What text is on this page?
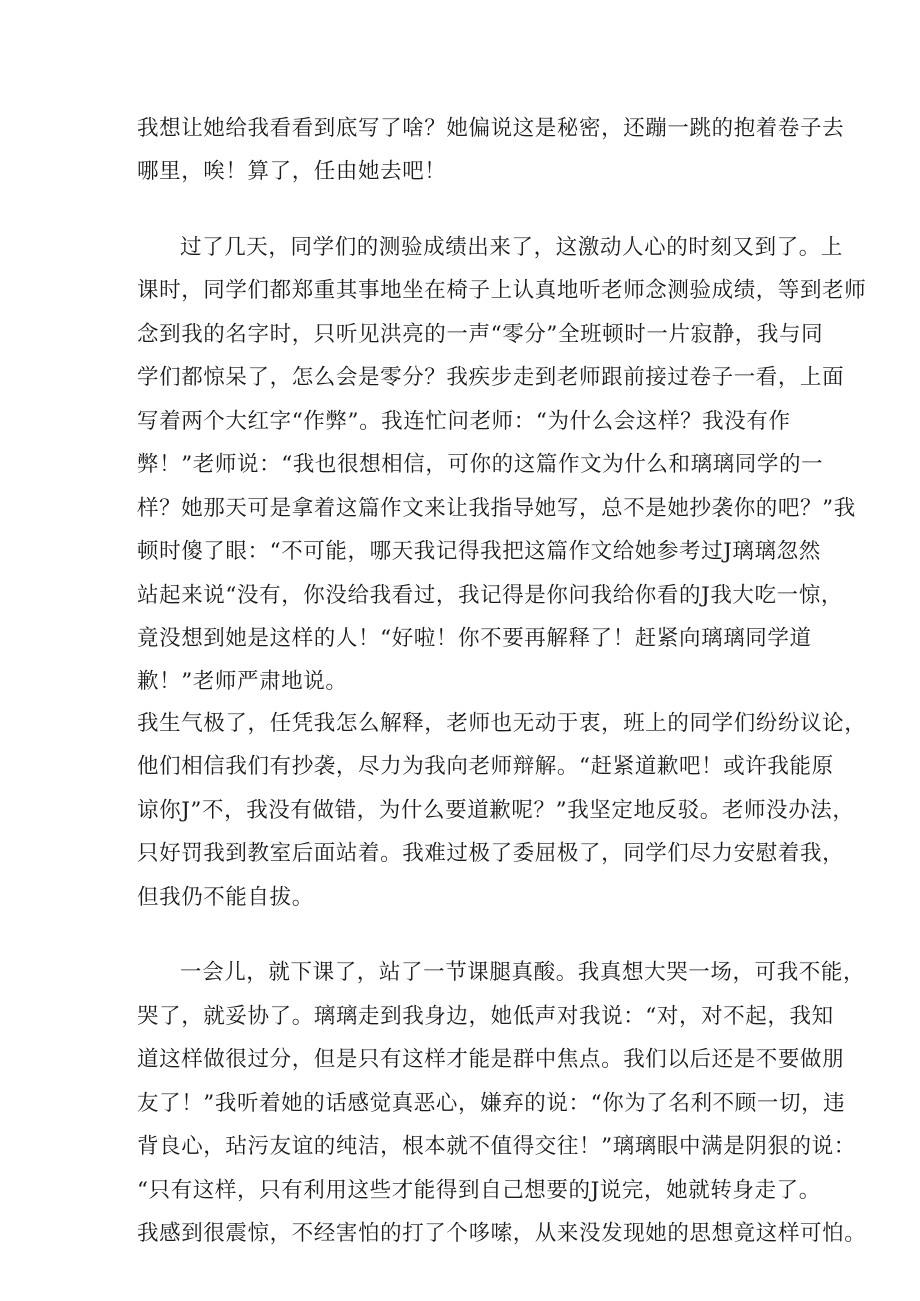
我想让她给我看看到底写了啥？她偏说这是秘密，还蹦一跳的抱着卷子去
哪里，唉！算了，任由她去吧！
过了几天，同学们的测验成绩出来了，这激动人心的时刻又到了。上
课时，同学们都郑重其事地坐在椅子上认真地听老师念测验成绩，等到老师
念到我的名字时，只听见洪亮的一声“零分”全班顿时一片寂静，我与同
学们都惊呆了，怎么会是零分？我疾步走到老师跟前接过卷子一看，上面
写着两个大红字“作弊”。我连忙问老师：“为什么会这样？我没有作
弊！”老师说：“我也很想相信，可你的这篇作文为什么和璃璃同学的一
样？她那天可是拿着这篇作文来让我指导她写，总不是她抄袭你的吧？”我
顿时傻了眼：“不可能，哪天我记得我把这篇作文给她参考过J璃璃忽然
站起来说“没有，你没给我看过，我记得是你问我给你看的J我大吃一惊，
竟没想到她是这样的人！“好啦！你不要再解释了！赶紧向璃璃同学道
歉！”老师严肃地说。
我生气极了，任凭我怎么解释，老师也无动于衷，班上的同学们纷纷议论，
他们相信我们有抄袭，尽力为我向老师辩解。“赶紧道歉吧！或许我能原
谅你J”不，我没有做错，为什么要道歉呢？”我坚定地反驳。老师没办法，
只好罚我到教室后面站着。我难过极了委屈极了，同学们尽力安慰着我，
但我仍不能自拔。
一会儿，就下课了，站了一节课腿真酸。我真想大哭一场，可我不能，
哭了，就妥协了。璃璃走到我身边，她低声对我说：“对，对不起，我知
道这样做很过分，但是只有这样才能是群中焦点。我们以后还是不要做朋
友了！”我听着她的话感觉真恶心，嫌弃的说：“你为了名利不顾一切，违
背良心，玷污友谊的纯洁，根本就不值得交往！”璃璃眼中满是阴狠的说：
“只有这样，只有利用这些才能得到自己想要的J说完，她就转身走了。
我感到很震惊，不经害怕的打了个哆嗦，从来没发现她的思想竟这样可怕。
